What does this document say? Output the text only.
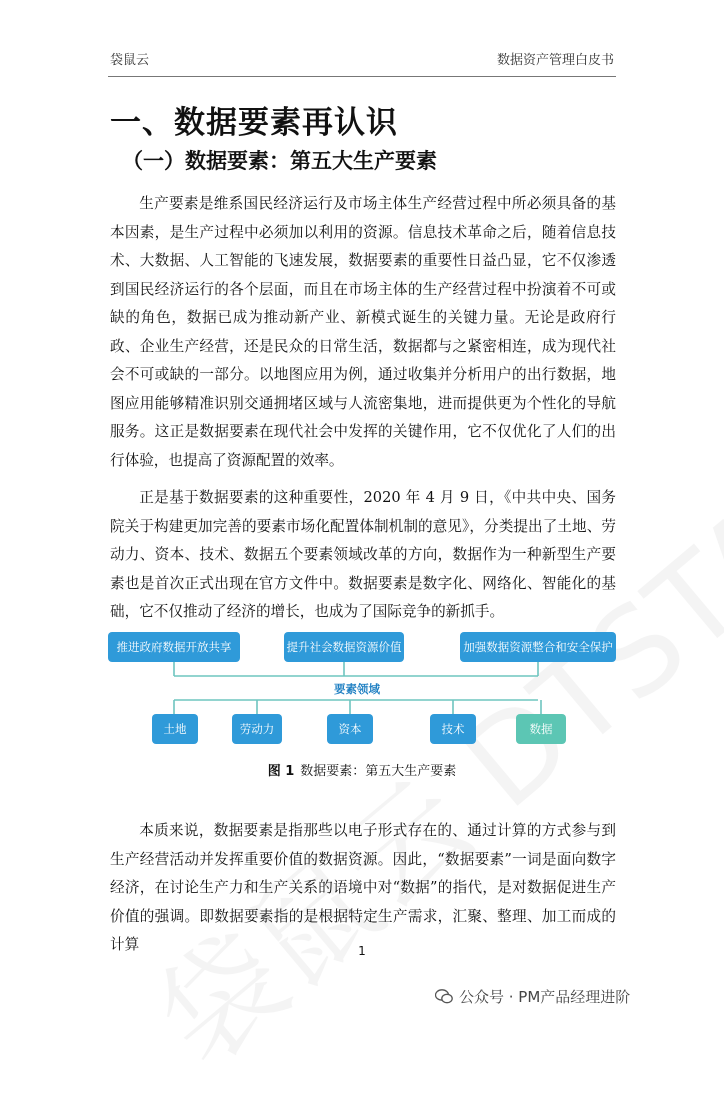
袋鼠云	数据资产管理白皮书
一、数据要素再认识
（一）数据要素：第五大生产要素

生产要素是维系国民经济运行及市场主体生产经营过程中所必须具备的基本因素，是生产过程中必须加以利用的资源。信息技术革命之后，随着信息技术、大数据、人工智能的飞速发展，数据要素的重要性日益凸显，它不仅渗透到国民经济运行的各个层面，而且在市场主体的生产经营过程中扮演着不可或缺的角色，数据已成为推动新产业、新模式诞生的关键力量。无论是政府行政、企业生产经营，还是民众的日常生活，数据都与之紧密相连，成为现代社会不可或缺的一部分。以地图应用为例，通过收集并分析用户的出行数据，地图应用能够精准识别交通拥堵区域与人流密集地，进而提供更为个性化的导航服务。这正是数据要素在现代社会中发挥的关键作用，它不仅优化了人们的出行体验，也提高了资源配置的效率。

正是基于数据要素的这种重要性，2020 年 4 月 9 日，《中共中央、国务院关于构建更加完善的要素市场化配置体制机制的意见》，分类提出了土地、劳动力、资本、技术、数据五个要素领域改革的方向，数据作为一种新型生产要素也是首次正式出现在官方文件中。数据要素是数字化、网络化、智能化的基础，它不仅推动了经济的增长，也成为了国际竞争的新抓手。

推进政府数据开放共享	提升社会数据资源价值	加强数据资源整合和安全保护
要素领域
土地	劳动力	资本	技术	数据
图 1 数据要素：第五大生产要素

本质来说，数据要素是指那些以电子形式存在的、通过计算的方式参与到生产经营活动并发挥重要价值的数据资源。因此，“数据要素”一词是面向数字经济，在讨论生产力和生产关系的语境中对“数据”的指代，是对数据促进生产价值的强调。即数据要素指的是根据特定生产需求，汇聚、整理、加工而成的计算	1
公众号 · PM产品经理进阶
